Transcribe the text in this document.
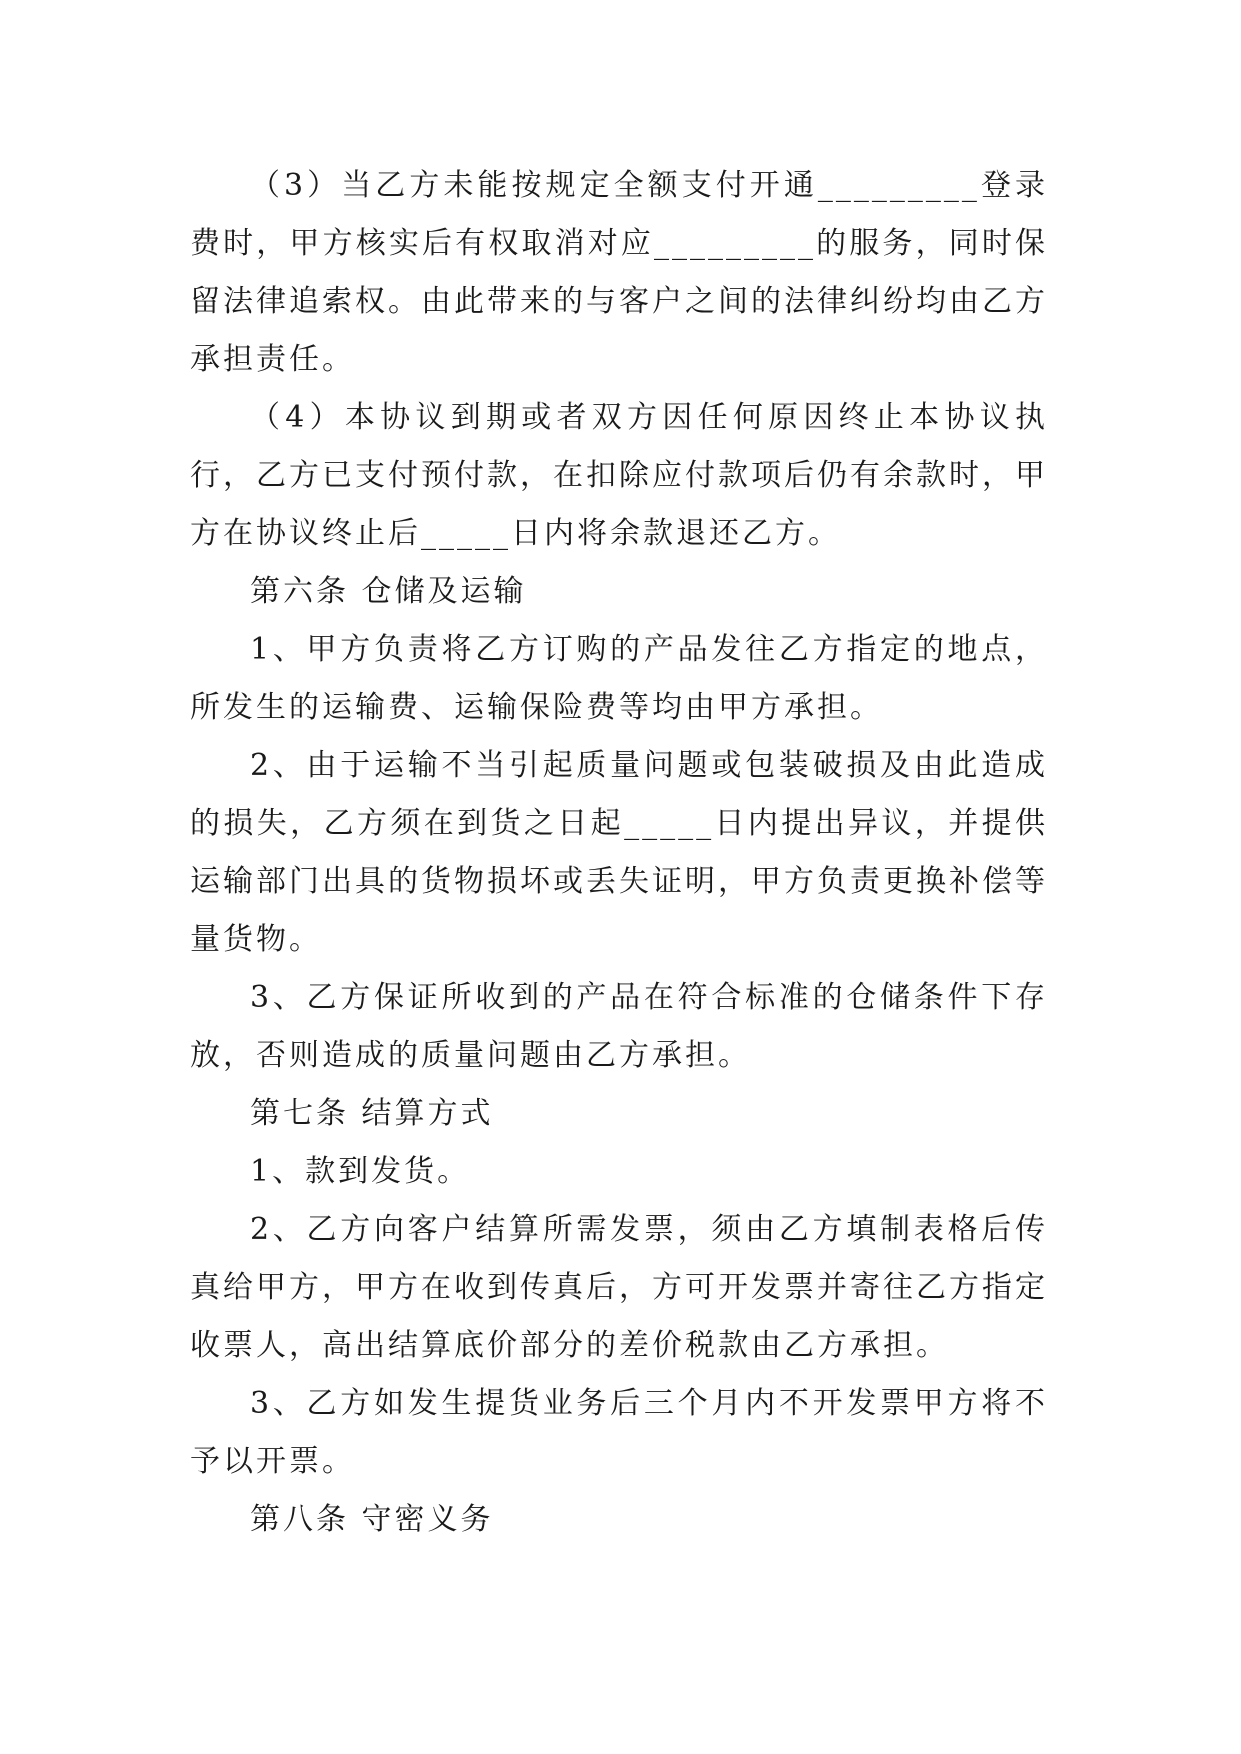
（3）当乙方未能按规定全额支付开通_________登录费时，甲方核实后有权取消对应_________的服务，同时保留法律追索权。由此带来的与客户之间的法律纠纷均由乙方承担责任。

（4）本协议到期或者双方因任何原因终止本协议执行，乙方已支付预付款，在扣除应付款项后仍有余款时，甲方在协议终止后_____日内将余款退还乙方。

第六条 仓储及运输

1、甲方负责将乙方订购的产品发往乙方指定的地点，所发生的运输费、运输保险费等均由甲方承担。

2、由于运输不当引起质量问题或包装破损及由此造成的损失，乙方须在到货之日起_____日内提出异议，并提供运输部门出具的货物损坏或丢失证明，甲方负责更换补偿等量货物。

3、乙方保证所收到的产品在符合标准的仓储条件下存放，否则造成的质量问题由乙方承担。

第七条 结算方式

1、款到发货。

2、乙方向客户结算所需发票，须由乙方填制表格后传真给甲方，甲方在收到传真后，方可开发票并寄往乙方指定收票人，高出结算底价部分的差价税款由乙方承担。

3、乙方如发生提货业务后三个月内不开发票甲方将不予以开票。

第八条 守密义务
